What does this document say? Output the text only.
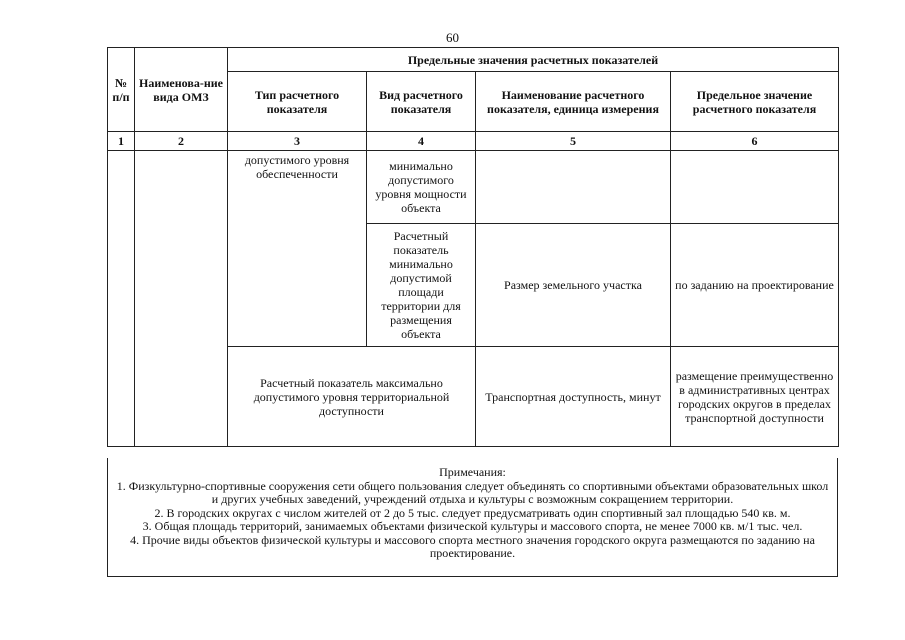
60
№ п/п	Наименова-ние вида ОМЗ	Предельные значения расчетных показателей			
		Тип расчетного показателя	Вид расчетного показателя	Наименование расчетного показателя, единица измерения	Предельное значение расчетного показателя
1	2	3	4	5	6
		допустимого уровня обеспеченности	минимально допустимого уровня мощности объекта		
			Расчетный показатель минимально допустимой площади территории для размещения объекта	Размер земельного участка	по заданию на проектирование
		Расчетный показатель максимально допустимого уровня территориальной доступности		Транспортная доступность, минут	размещение преимущественно в административных центрах городских округов в пределах транспортной доступности
Примечания:
1. Физкультурно-спортивные сооружения сети общего пользования следует объединять со спортивными объектами образовательных школ и других учебных заведений, учреждений отдыха и культуры с возможным сокращением территории.
2. В городских округах с числом жителей от 2 до 5 тыс. следует предусматривать один спортивный зал площадью 540 кв. м.
3. Общая площадь территорий, занимаемых объектами физической культуры и массового спорта, не менее 7000 кв. м/1 тыс. чел.
4. Прочие виды объектов физической культуры и массового спорта местного значения городского округа размещаются по заданию на проектирование.
